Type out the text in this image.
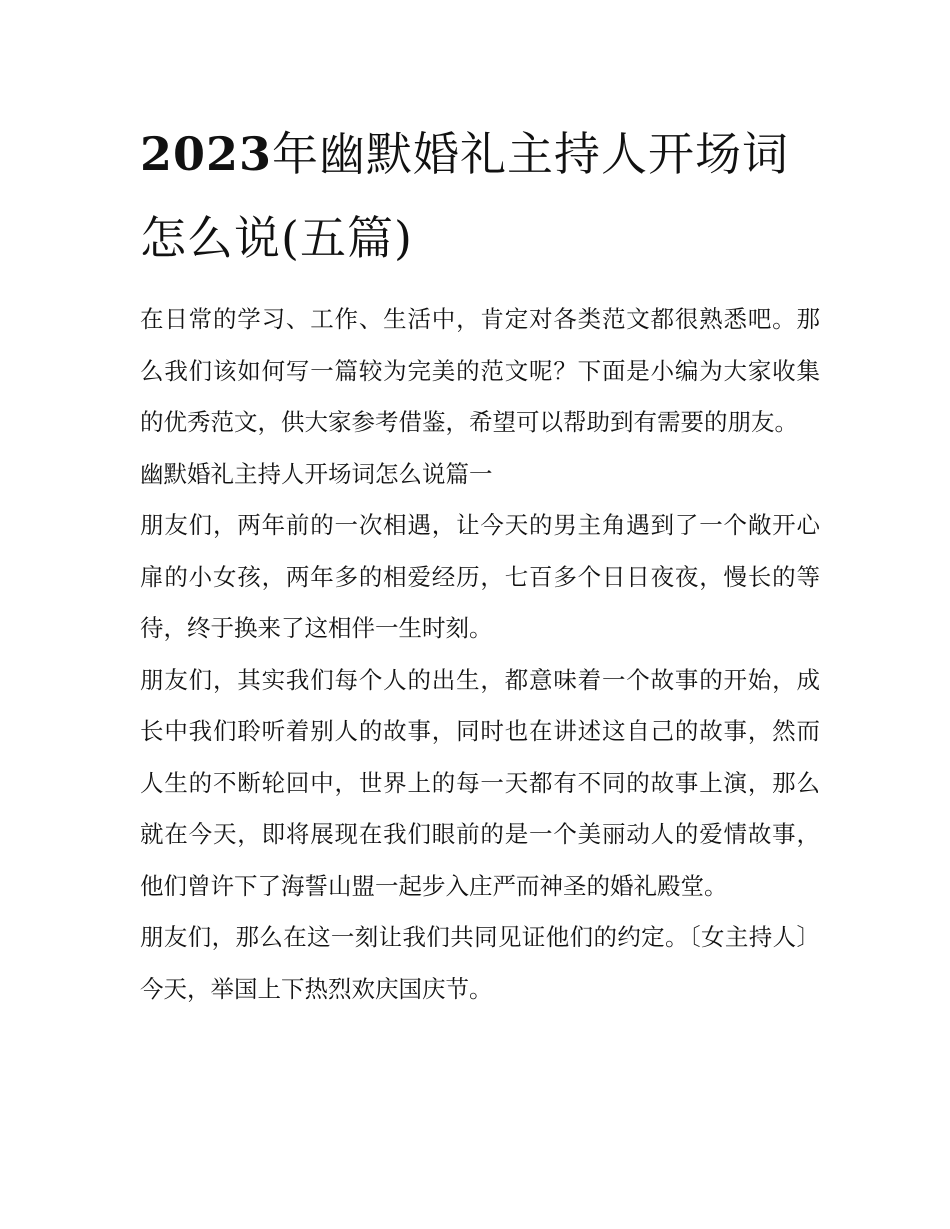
2023年幽默婚礼主持人开场词怎么说(五篇)

在日常的学习、工作、生活中，肯定对各类范文都很熟悉吧。那么我们该如何写一篇较为完美的范文呢？下面是小编为大家收集的优秀范文，供大家参考借鉴，希望可以帮助到有需要的朋友。

幽默婚礼主持人开场词怎么说篇一

朋友们，两年前的一次相遇，让今天的男主角遇到了一个敞开心扉的小女孩，两年多的相爱经历，七百多个日日夜夜，慢长的等待，终于换来了这相伴一生时刻。

朋友们，其实我们每个人的出生，都意味着一个故事的开始，成长中我们聆听着别人的故事，同时也在讲述这自己的故事，然而人生的不断轮回中，世界上的每一天都有不同的故事上演，那么就在今天，即将展现在我们眼前的是一个美丽动人的爱情故事，他们曾许下了海誓山盟一起步入庄严而神圣的婚礼殿堂。

朋友们，那么在这一刻让我们共同见证他们的约定。〔女主持人〕 今天，举国上下热烈欢庆国庆节。
